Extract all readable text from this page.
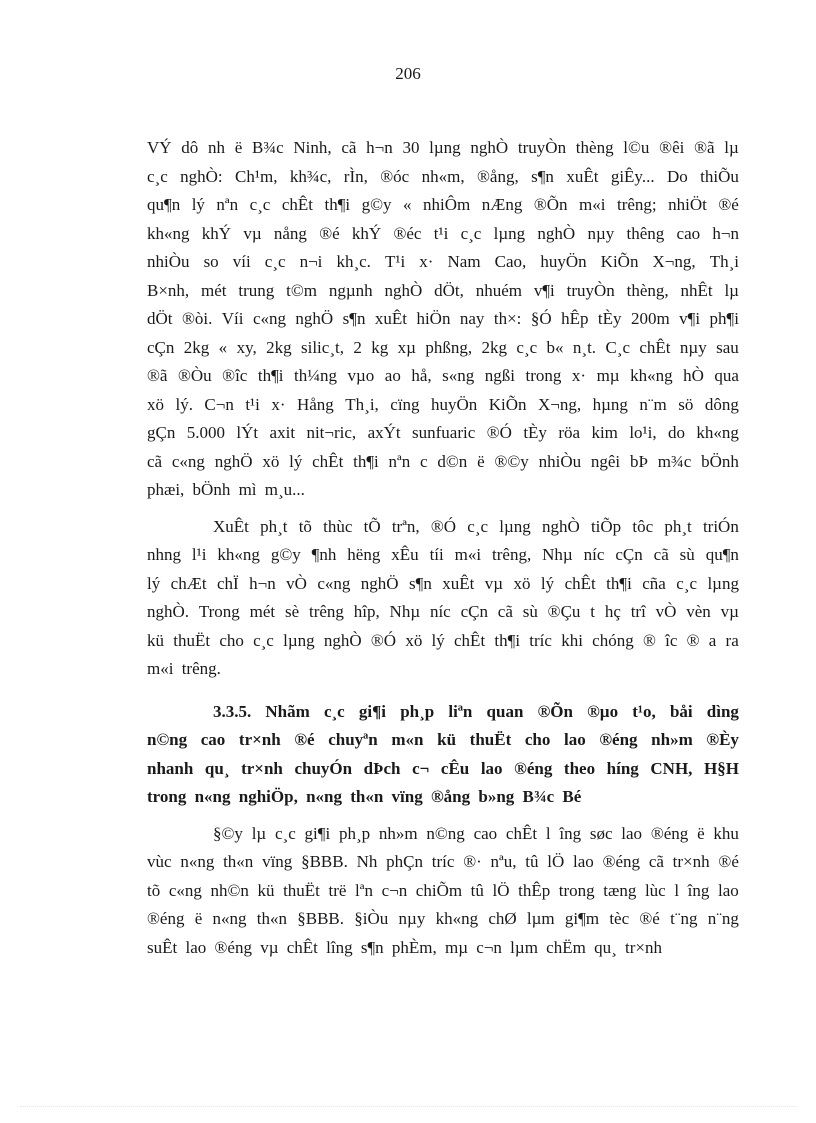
206
VÝ dô nh ë B¾c Ninh, cã h¬n 30 lµng nghÒ truyÒn thèng l©u ®êi ®ã lµ
c¸c nghÒ: Ch¹m, kh¾c, rÌn, ®óc nh«m, ®ång, s¶n xuÊt giÊy... Do thiÕu
qu¶n lý nªn c¸c chÊt th¶i g©y « nhiÔm nÆng ®Õn m«i trêng; nhiÖt ®é
kh«ng khÝ vµ nång ®é khÝ ®éc t¹i c¸c lµng nghÒ nµy thêng cao h¬n
nhiÒu so víi c¸c n¬i kh¸c. T¹i x· Nam Cao, huyÖn KiÕn X¬ng, Th¸i
B×nh, mét trung t©m ngµnh nghÒ dÖt, nhuém v¶i truyÒn thèng, nhÊt lµ
dÖt ®òi. Víi c«ng nghÖ s¶n xuÊt hiÖn nay th×: §Ó hÊp tÈy 200m v¶i ph¶i
cÇn 2kg « xy, 2kg silic¸t, 2 kg xµ phßng, 2kg c¸c b« n¸t. C¸c chÊt nµy sau
®ã ®Òu ®îc th¶i th¼ng vµo ao hå, s«ng ngßi trong x· mµ kh«ng hÒ qua
xö lý. C¬n t¹i x· Hång Th¸i, cïng huyÖn KiÕn X¬ng, hµng n¨m sö dông
gÇn 5.000 lÝt axit nit¬ric, axÝt sunfuaric ®Ó tÈy röa kim lo¹i, do kh«ng
cã c«ng nghÖ xö lý chÊt th¶i nªn c d©n ë ®©y nhiÒu ngêi bÞ m¾c bÖnh
phæi, bÖnh mì m¸u...
XuÊt ph¸t tõ thùc tÕ trªn, ®Ó c¸c lµng nghÒ tiÕp tôc ph¸t triÓn
nhng l¹i kh«ng g©y ¶nh hëng xÊu tíi m«i trêng, Nhµ níc cÇn cã sù qu¶n
lý chÆt chÏ h¬n vÒ c«ng nghÖ s¶n xuÊt vµ xö lý chÊt th¶i cña c¸c lµng
nghÒ. Trong mét sè trêng hîp, Nhµ níc cÇn cã sù ®Çu t hç trî vÒ vèn vµ
kü thuËt cho c¸c lµng nghÒ ®Ó xö lý chÊt th¶i tríc khi chóng ® îc ® a ra
m«i trêng.
3.3.5. Nhãm c¸c gi¶i ph¸p liªn quan ®Õn ®µo t¹o, båi dìng
n©ng cao tr×nh ®é chuyªn m«n kü thuËt cho lao ®éng nh»m ®Èy
nhanh qu¸ tr×nh chuyÓn dÞch c¬ cÊu lao ®éng theo híng CNH, H§H
trong n«ng nghiÖp, n«ng th«n vïng ®ång b»ng B¾c Bé
§©y lµ c¸c gi¶i ph¸p nh»m n©ng cao chÊt l îng søc lao ®éng ë khu
vùc n«ng th«n vïng §BBB. Nh phÇn tríc ®· nªu, tû lÖ lao ®éng cã tr×nh ®é
tõ c«ng nh©n kü thuËt trë lªn c¬n chiÕm tû lÖ thÊp trong tæng lùc l îng lao
®éng ë n«ng th«n §BBB. §iÒu nµy kh«ng chØ lµm gi¶m tèc ®é t¨ng n¨ng
suÊt lao ®éng vµ chÊt lîng s¶n phÈm, mµ c¬n lµm chËm qu¸ tr×nh
